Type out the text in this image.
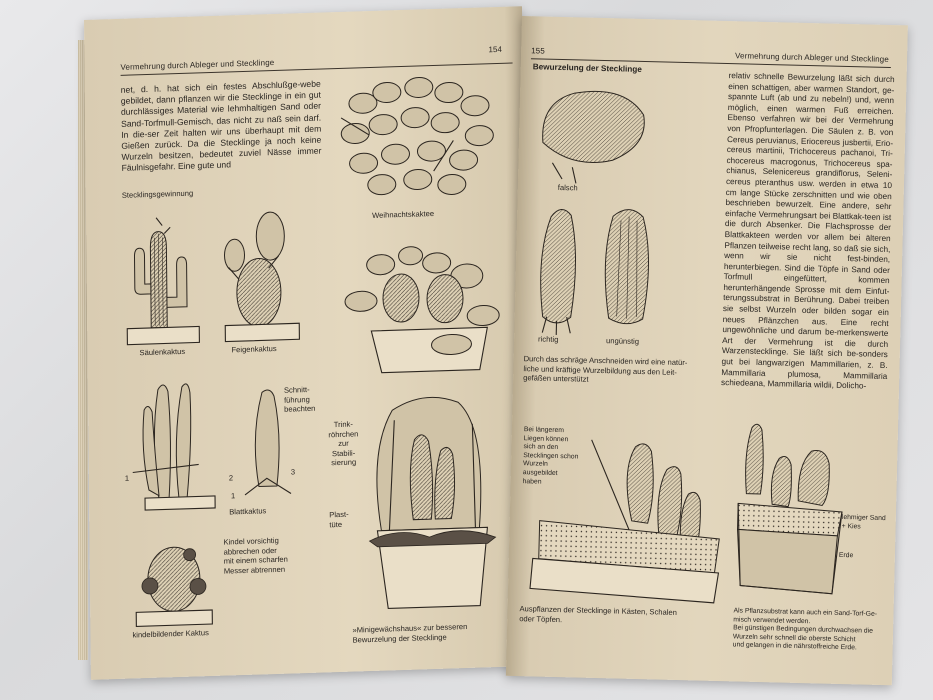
Vermehrung durch Ableger und Stecklinge
154
net, d. h. hat sich ein festes Abschlußge-webe gebildet, dann pflanzen wir die Stecklinge in ein gut durchlässiges Material wie lehmhaltigen Sand oder Sand-Torfmull-Gemisch, das nicht zu naß sein darf. In die-ser Zeit halten wir uns überhaupt mit dem Gießen zurück. Da die Stecklinge ja noch keine Wurzeln besitzen, bedeutet zuviel Nässe immer Fäulnisgefahr. Eine gute und
Stecklingsgewinnung
Säulenkaktus	Feigenkaktus
Weihnachtskaktee
1	2
3
1
Schnitt-
führung
beachten
Blattkaktus
Kindel vorsichtig
abbrechen oder
mit einem scharfen
Messer abtrennen
kindelbildender Kaktus
Trink-
röhrchen
zur
Stabili-
sierung
Plast-
tüte
»Minigewächshaus« zur besseren
Bewurzelung der Stecklinge
155
Vermehrung durch Ableger und Stecklinge
Bewurzelung der Stecklinge
falsch
richtig	ungünstig
Durch das schräge Anschneiden wird eine natür-
liche und kräftige Wurzelbildung aus den Leit-
gefäßen unterstützt
relativ schnelle Bewurzelung läßt sich durch einen schattigen, aber warmen Standort, ge-spannte Luft (ab und zu nebeln!) und, wenn möglich, einen warmen Fuß erreichen. Ebenso verfahren wir bei der Vermehrung von Pfropfunterlagen. Die Säulen z. B. von Cereus peruvianus, Eriocereus jusbertii, Erio-cereus martinii, Trichocereus pachanoi, Tri-chocereus macrogonus, Trichocereus spa-chianus, Selenicereus grandiflorus, Seleni-cereus pteranthus usw. werden in etwa 10 cm lange Stücke zerschnitten und wie oben beschrieben bewurzelt. Eine andere, sehr einfache Vermehrungsart bei Blattkak-teen ist die durch Absenker. Die Flachsprosse der Blattkakteen werden vor allem bei älteren Pflanzen teilweise recht lang, so daß sie sich, wenn wir sie nicht fest-binden, herunterbiegen. Sind die Töpfe in Sand oder Torfmull eingefüttert, kommen herunterhängende Sprosse mit dem Einfut-terungssubstrat in Berührung. Dabei treiben sie selbst Wurzeln oder bilden sogar ein neues Pflänzchen aus. Eine recht ungewöhnliche und darum be-merkenswerte Art der Vermehrung ist die durch Warzenstecklinge. Sie läßt sich be-sonders gut bei langwarzigen Mammillarien, z. B. Mammillaria plumosa, Mammillaria schiedeana, Mammillaria wildii, Dolicho-
Bei längerem
Liegen können
sich an den
Stecklingen schon
Wurzeln
ausgebildet
haben
Auspflanzen der Stecklinge in Kästen, Schalen
oder Töpfen.
lehmiger Sand
+ Kies
Erde
Als Pflanzsubstrat kann auch ein Sand-Torf-Ge-
misch verwendet werden.
Bei günstigen Bedingungen durchwachsen die
Wurzeln sehr schnell die oberste Schicht
und gelangen in die nährstoffreiche Erde.
